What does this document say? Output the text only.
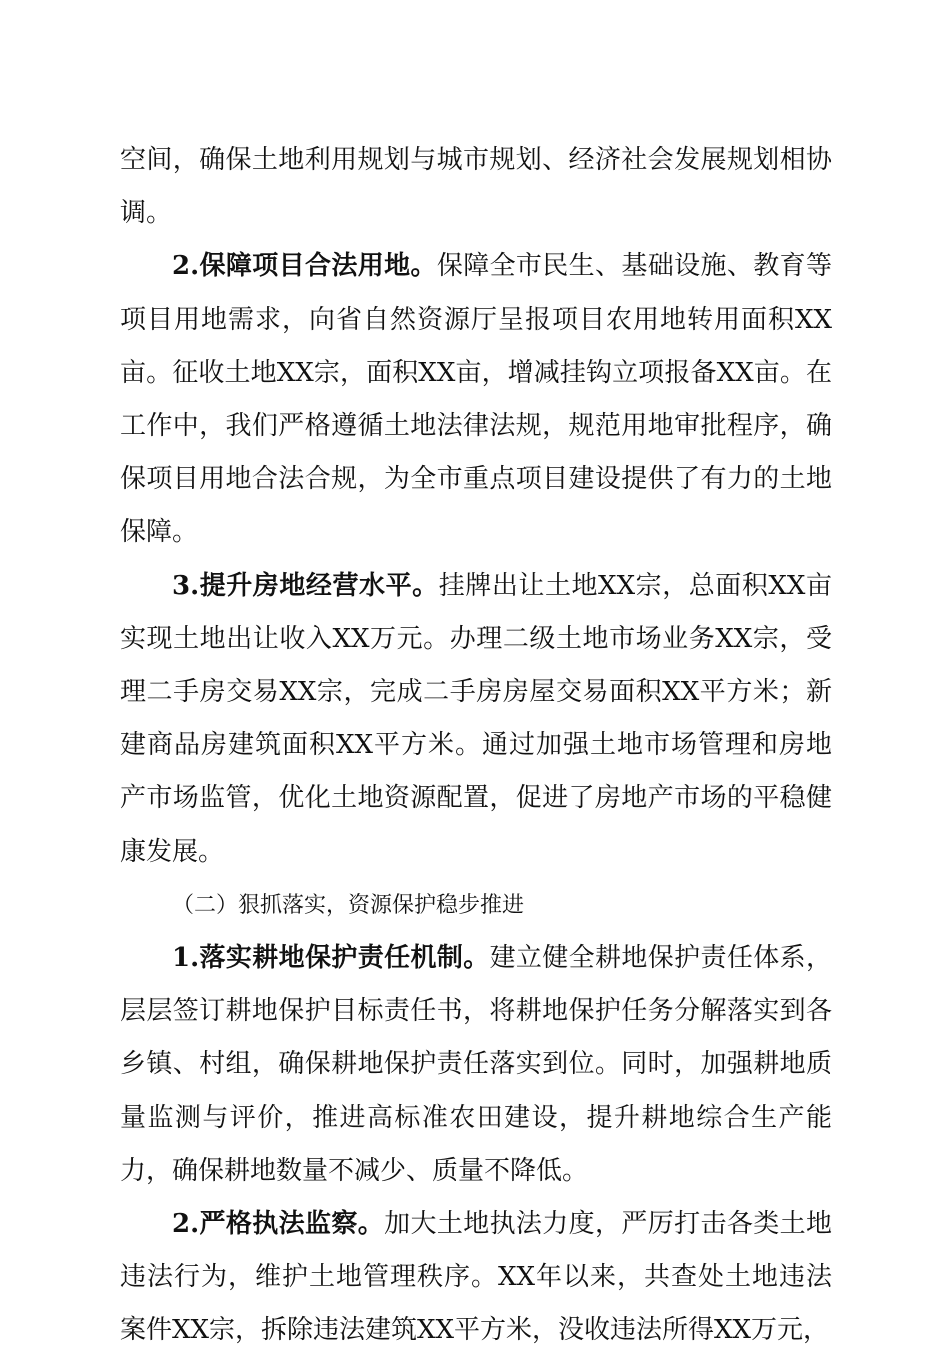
空间，确保土地利用规划与城市规划、经济社会发展规划相协调。

2.保障项目合法用地。保障全市民生、基础设施、教育等项目用地需求，向省自然资源厅呈报项目农用地转用面积XX亩。征收土地XX宗，面积XX亩，增减挂钩立项报备XX亩。在工作中，我们严格遵循土地法律法规，规范用地审批程序，确保项目用地合法合规，为全市重点项目建设提供了有力的土地保障。

3.提升房地经营水平。挂牌出让土地XX宗，总面积XX亩实现土地出让收入XX万元。办理二级土地市场业务XX宗，受理二手房交易XX宗，完成二手房房屋交易面积XX平方米；新建商品房建筑面积XX平方米。通过加强土地市场管理和房地产市场监管，优化土地资源配置，促进了房地产市场的平稳健康发展。

（二）狠抓落实，资源保护稳步推进

1.落实耕地保护责任机制。建立健全耕地保护责任体系，层层签订耕地保护目标责任书，将耕地保护任务分解落实到各乡镇、村组，确保耕地保护责任落实到位。同时，加强耕地质量监测与评价，推进高标准农田建设，提升耕地综合生产能力，确保耕地数量不减少、质量不降低。

2.严格执法监察。加大土地执法力度，严厉打击各类土地违法行为，维护土地管理秩序。XX年以来，共查处土地违法案件XX宗，拆除违法建筑XX平方米，没收违法所得XX万元，
